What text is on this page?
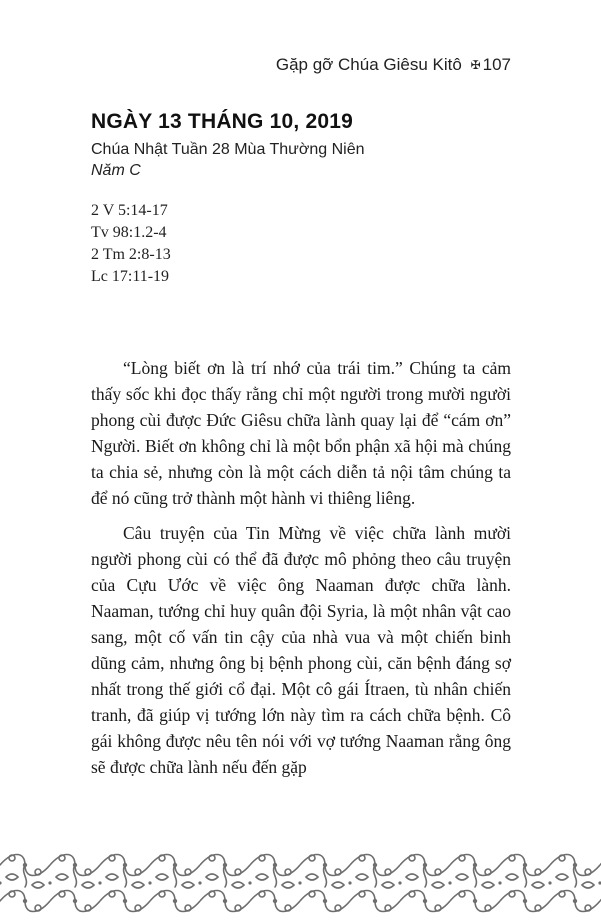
Gặp gỡ Chúa Giêsu Kitô ✠ 107
NGÀY 13 THÁNG 10, 2019
Chúa Nhật Tuần 28 Mùa Thường Niên
Năm C
2 V 5:14-17
Tv 98:1.2-4
2 Tm 2:8-13
Lc 17:11-19

“Lòng biết ơn là trí nhớ của trái tim.” Chúng ta cảm thấy sốc khi đọc thấy rằng chỉ một người trong mười người phong cùi được Đức Giêsu chữa lành quay lại để “cám ơn” Người. Biết ơn không chỉ là một bổn phận xã hội mà chúng ta chia sẻ, nhưng còn là một cách diễn tả nội tâm chúng ta để nó cũng trở thành một hành vi thiêng liêng.

Câu truyện của Tin Mừng về việc chữa lành mười người phong cùi có thể đã được mô phỏng theo câu truyện của Cựu Ước về việc ông Naaman được chữa lành. Naaman, tướng chỉ huy quân đội Syria, là một nhân vật cao sang, một cố vấn tin cậy của nhà vua và một chiến binh dũng cảm, nhưng ông bị bệnh phong cùi, căn bệnh đáng sợ nhất trong thế giới cổ đại. Một cô gái Ítraen, tù nhân chiến tranh, đã giúp vị tướng lớn này tìm ra cách chữa bệnh. Cô gái không được nêu tên nói với vợ tướng Naaman rằng ông sẽ được chữa lành nếu đến gặp
